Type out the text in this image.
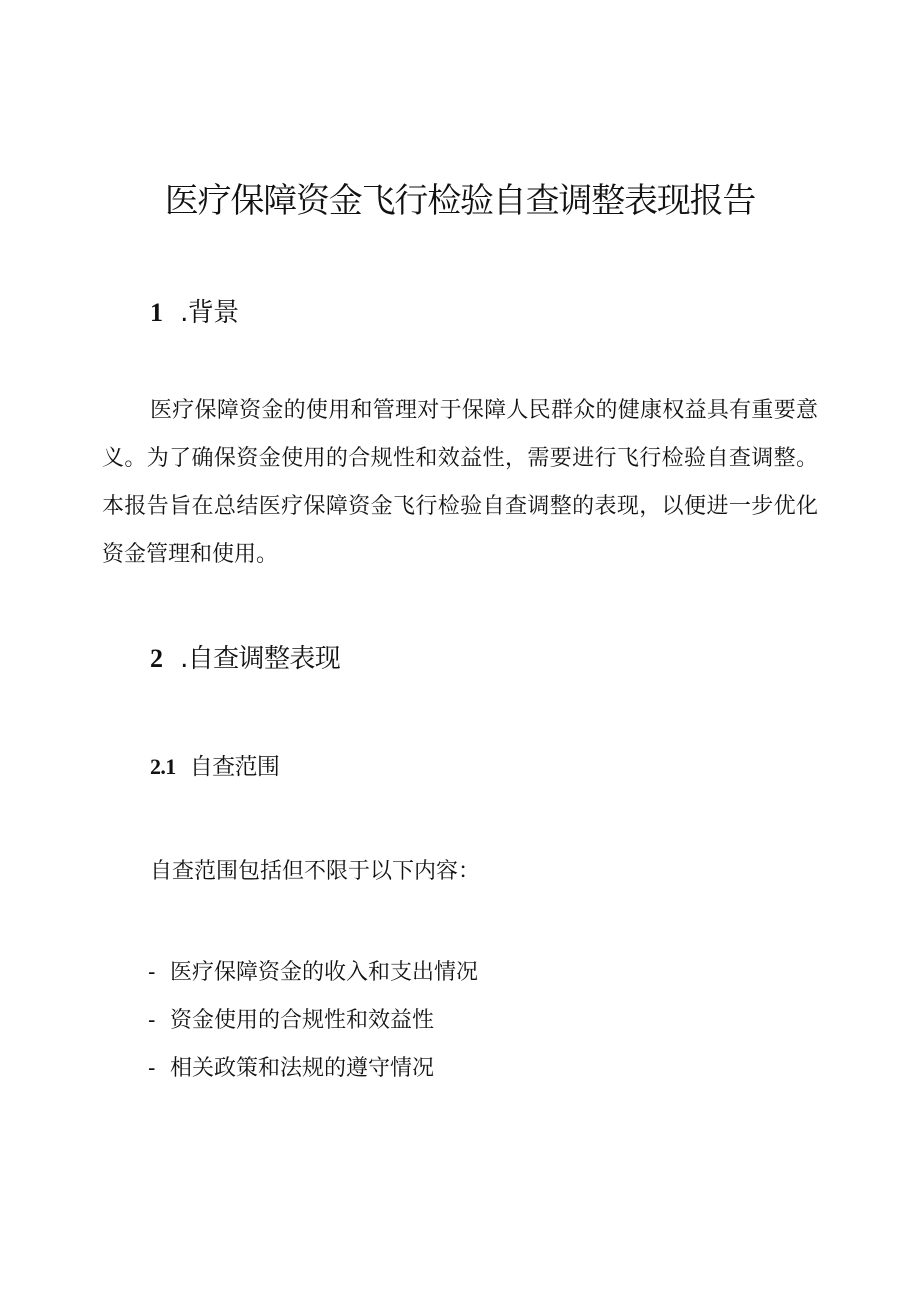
医疗保障资金飞行检验自查调整表现报告
1 .背景

医疗保障资金的使用和管理对于保障人民群众的健康权益具有重要意义。为了确保资金使用的合规性和效益性，需要进行飞行检验自查调整。本报告旨在总结医疗保障资金飞行检验自查调整的表现，以便进一步优化资金管理和使用。

2 .自查调整表现
2.1 自查范围

自查范围包括但不限于以下内容：

- 医疗保障资金的收入和支出情况
- 资金使用的合规性和效益性
- 相关政策和法规的遵守情况
